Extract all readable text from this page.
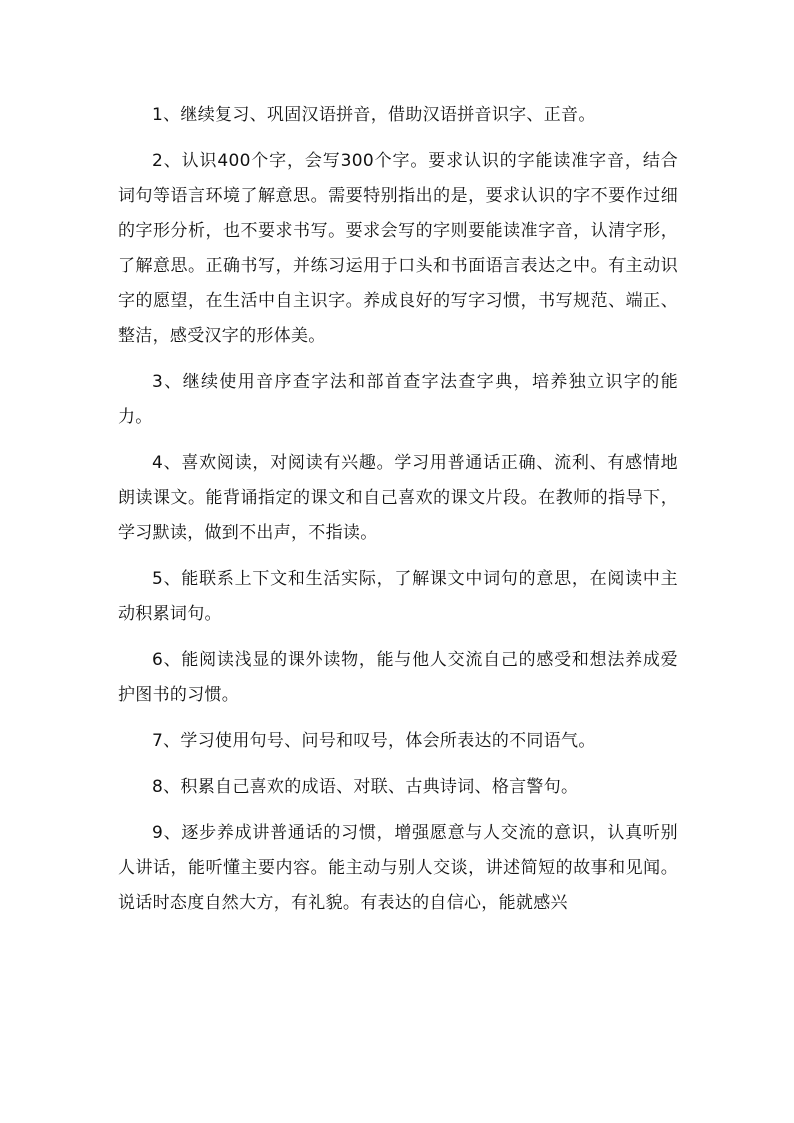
1、继续复习、巩固汉语拼音，借助汉语拼音识字、正音。

2、认识400个字，会写300个字。要求认识的字能读准字音，结合词句等语言环境了解意思。需要特别指出的是，要求认识的字不要作过细的字形分析，也不要求书写。要求会写的字则要能读准字音，认清字形，了解意思。正确书写，并练习运用于口头和书面语言表达之中。有主动识字的愿望，在生活中自主识字。养成良好的写字习惯，书写规范、端正、整洁，感受汉字的形体美。

3、继续使用音序查字法和部首查字法查字典，培养独立识字的能力。

4、喜欢阅读，对阅读有兴趣。学习用普通话正确、流利、有感情地朗读课文。能背诵指定的课文和自己喜欢的课文片段。在教师的指导下，学习默读，做到不出声，不指读。

5、能联系上下文和生活实际，了解课文中词句的意思，在阅读中主动积累词句。

6、能阅读浅显的课外读物，能与他人交流自己的感受和想法养成爱护图书的习惯。

7、学习使用句号、问号和叹号，体会所表达的不同语气。

8、积累自己喜欢的成语、对联、古典诗词、格言警句。

9、逐步养成讲普通话的习惯，增强愿意与人交流的意识，认真听别人讲话，能听懂主要内容。能主动与别人交谈，讲述简短的故事和见闻。说话时态度自然大方，有礼貌。有表达的自信心，能就感兴
